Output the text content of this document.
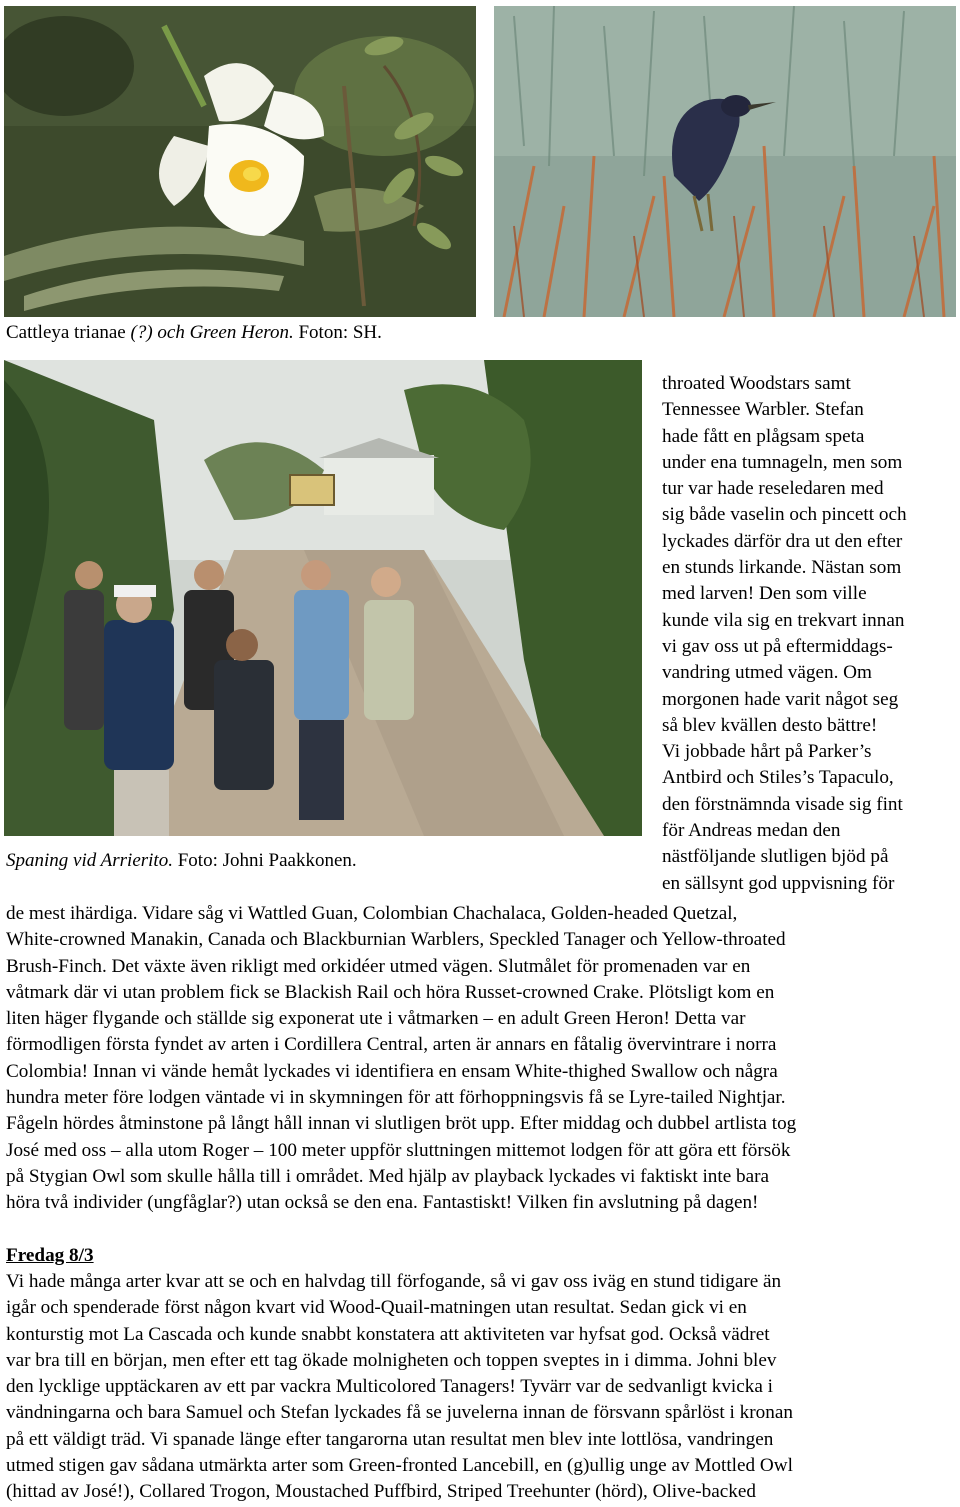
Cattleya trianae (?) och Green Heron. Foton: SH.
throated Woodstars samt
Tennessee Warbler. Stefan
hade fått en plågsam speta
under ena tumnageln, men som
tur var hade reseledaren med
sig både vaselin och pincett och
lyckades därför dra ut den efter
en stunds lirkande. Nästan som
med larven! Den som ville
kunde vila sig en trekvart innan
vi gav oss ut på eftermiddags-
vandring utmed vägen. Om
morgonen hade varit något seg
så blev kvällen desto bättre!
Vi jobbade hårt på Parker’s
Antbird och Stiles’s Tapaculo,
den förstnämnda visade sig fint
för Andreas medan den
nästföljande slutligen bjöd på
en sällsynt god uppvisning för
Spaning vid Arrierito. Foto: Johni Paakkonen.
de mest ihärdiga. Vidare såg vi Wattled Guan, Colombian Chachalaca, Golden-headed Quetzal,
White-crowned Manakin, Canada och Blackburnian Warblers, Speckled Tanager och Yellow-throated
Brush-Finch. Det växte även rikligt med orkidéer utmed vägen. Slutmålet för promenaden var en
våtmark där vi utan problem fick se Blackish Rail och höra Russet-crowned Crake. Plötsligt kom en
liten häger flygande och ställde sig exponerat ute i våtmarken – en adult Green Heron! Detta var
förmodligen första fyndet av arten i Cordillera Central, arten är annars en fåtalig övervintrare i norra
Colombia! Innan vi vände hemåt lyckades vi identifiera en ensam White-thighed Swallow och några
hundra meter före lodgen väntade vi in skymningen för att förhoppningsvis få se Lyre-tailed Nightjar.
Fågeln hördes åtminstone på långt håll innan vi slutligen bröt upp. Efter middag och dubbel artlista tog
José med oss – alla utom Roger – 100 meter uppför sluttningen mittemot lodgen för att göra ett försök
på Stygian Owl som skulle hålla till i området. Med hjälp av playback lyckades vi faktiskt inte bara
höra två individer (ungfåglar?) utan också se den ena. Fantastiskt! Vilken fin avslutning på dagen!
Fredag 8/3
Vi hade många arter kvar att se och en halvdag till förfogande, så vi gav oss iväg en stund tidigare än
igår och spenderade först någon kvart vid Wood-Quail-matningen utan resultat. Sedan gick vi en
konturstig mot La Cascada och kunde snabbt konstatera att aktiviteten var hyfsat god. Också vädret
var bra till en början, men efter ett tag ökade molnigheten och toppen sveptes in i dimma. Johni blev
den lycklige upptäckaren av ett par vackra Multicolored Tanagers! Tyvärr var de sedvanligt kvicka i
vändningarna och bara Samuel och Stefan lyckades få se juvelerna innan de försvann spårlöst i kronan
på ett väldigt träd. Vi spanade länge efter tangarorna utan resultat men blev inte lottlösa, vandringen
utmed stigen gav sådana utmärkta arter som Green-fronted Lancebill, en (g)ullig unge av Mottled Owl
(hittad av José!), Collared Trogon, Moustached Puffbird, Striped Treehunter (hörd), Olive-backed
